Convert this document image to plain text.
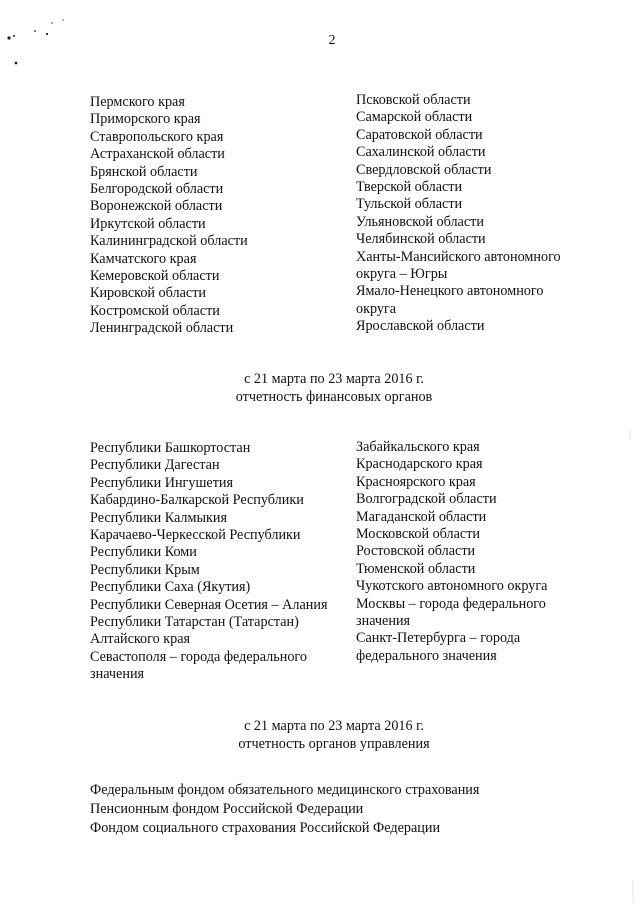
2
Пермского края
Приморского края
Ставропольского края
Астраханской области
Брянской области
Белгородской области
Воронежской области
Иркутской области
Калининградской области
Камчатского края
Кемеровской области
Кировской области
Костромской области
Ленинградской области
Псковской области
Самарской области
Саратовской области
Сахалинской области
Свердловской области
Тверской области
Тульской области
Ульяновской области
Челябинской области
Ханты-Мансийского автономного
округа – Югры
Ямало-Ненецкого автономного
округа
Ярославской области
с 21 марта по 23 марта 2016 г.
отчетность финансовых органов
Республики Башкортостан
Республики Дагестан
Республики Ингушетия
Кабардино-Балкарской Республики
Республики Калмыкия
Карачаево-Черкесской Республики
Республики Коми
Республики Крым
Республики Саха (Якутия)
Республики Северная Осетия – Алания
Республики Татарстан (Татарстан)
Алтайского края
Севастополя – города федерального
значения
Забайкальского края
Краснодарского края
Красноярского края
Волгоградской области
Магаданской области
Московской области
Ростовской области
Тюменской области
Чукотского автономного округа
Москвы – города федерального
значения
Санкт-Петербурга – города
федерального значения
с 21 марта по 23 марта 2016 г.
отчетность органов управления
Федеральным фондом обязательного медицинского страхования
Пенсионным фондом Российской Федерации
Фондом социального страхования Российской Федерации
